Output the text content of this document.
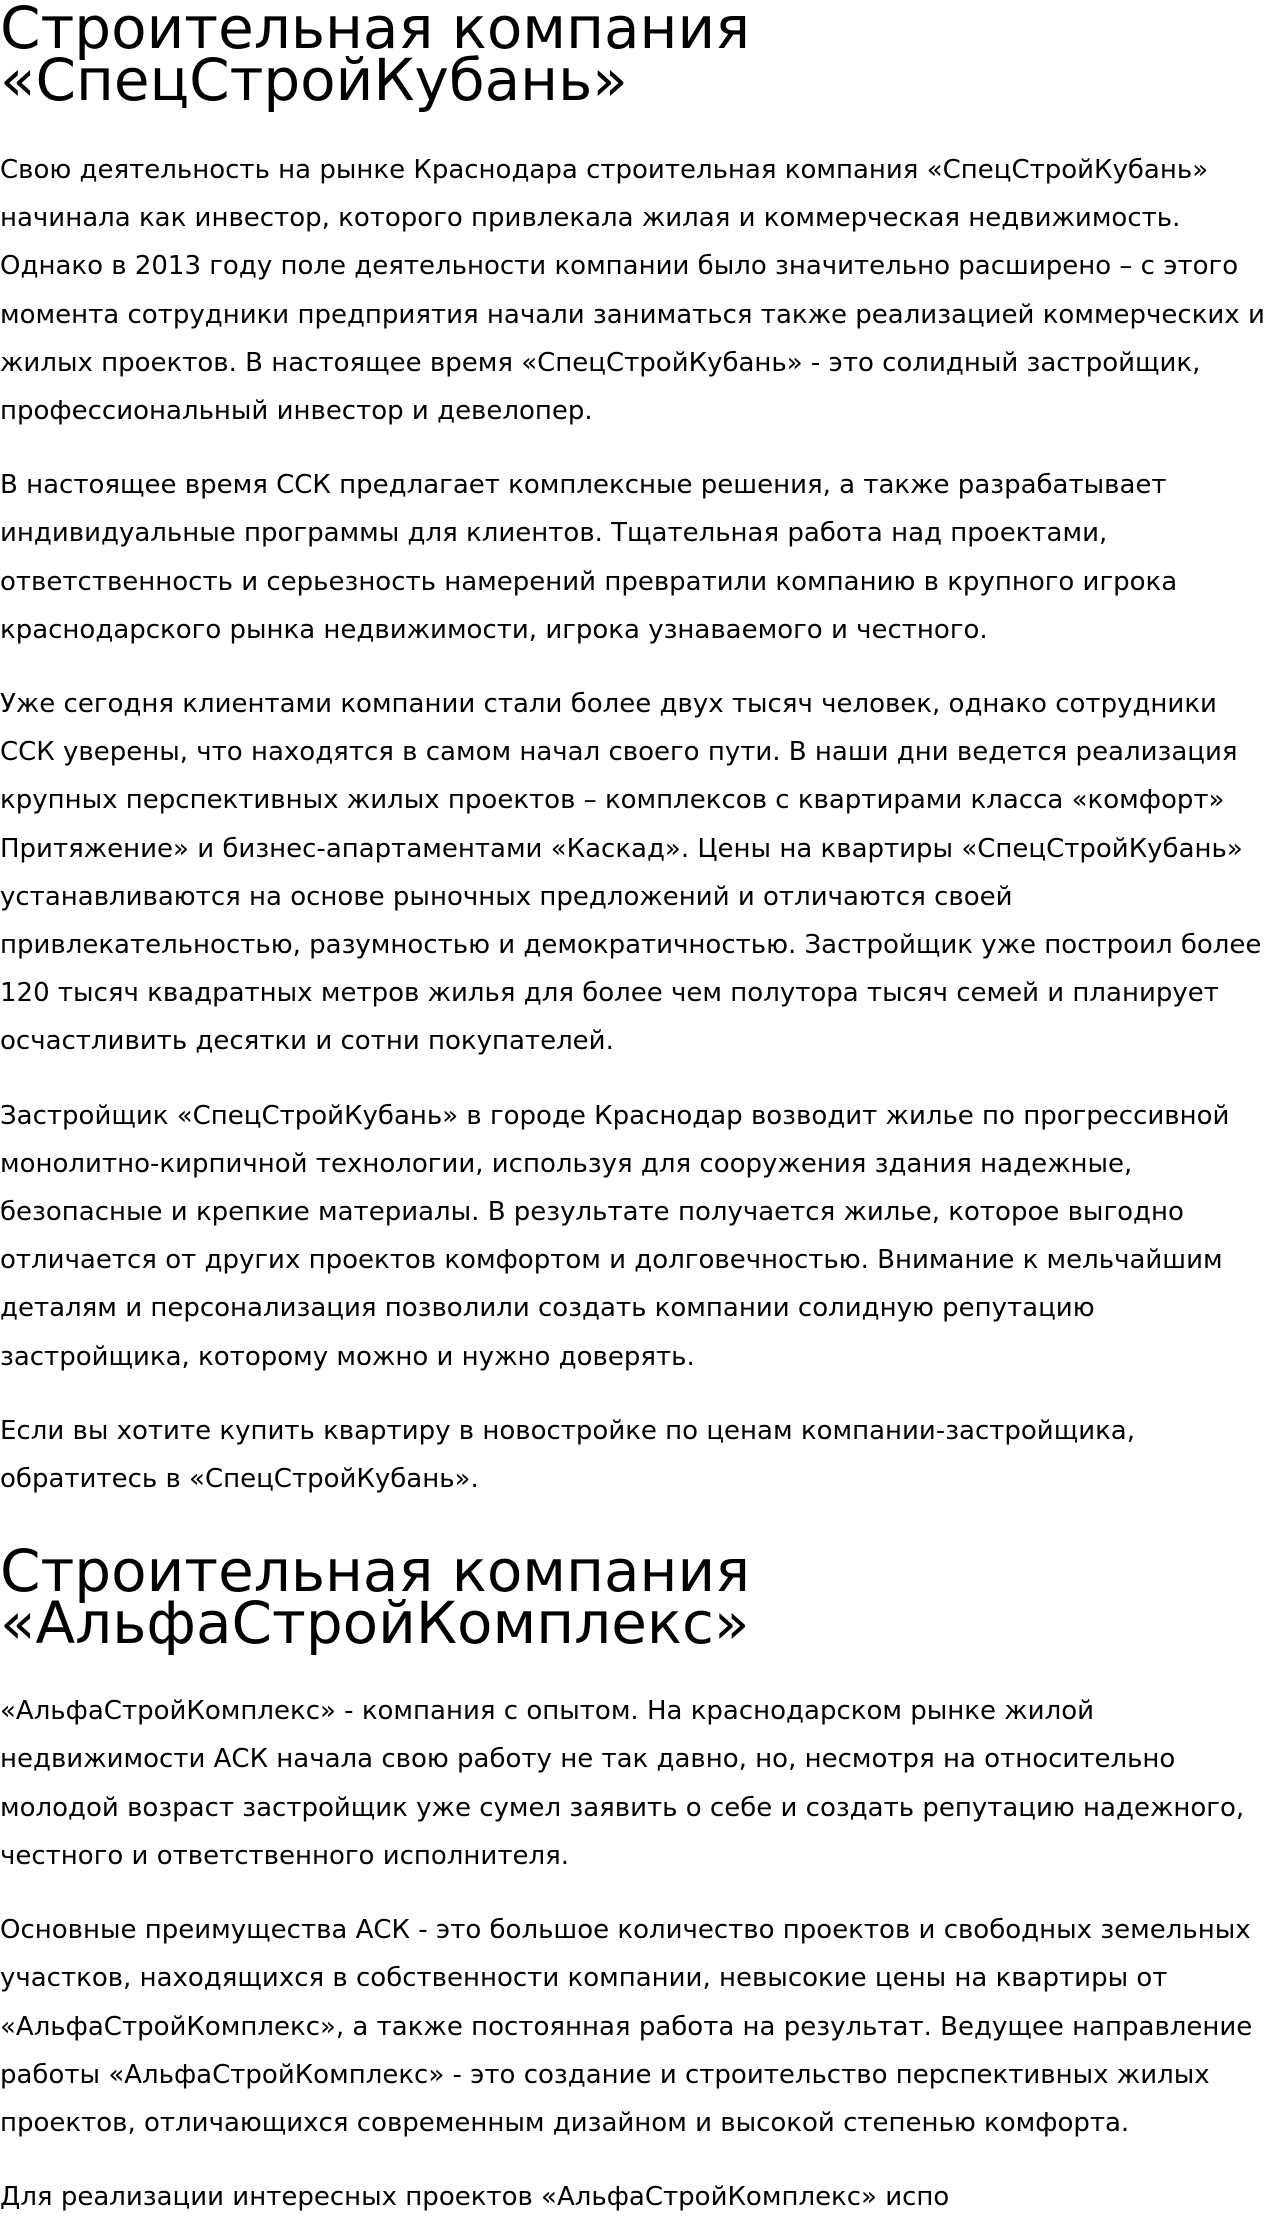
Строительная компания
«СпецСтройКубань»

Свою деятельность на рынке Краснодара строительная компания «СпецСтройКубань»
начинала как инвестор, которого привлекала жилая и коммерческая недвижимость.
Однако в 2013 году поле деятельности компании было значительно расширено – с этого
момента сотрудники предприятия начали заниматься также реализацией коммерческих и
жилых проектов. В настоящее время «СпецСтройКубань» - это солидный застройщик,
профессиональный инвестор и девелопер.

В настоящее время ССК предлагает комплексные решения, а также разрабатывает
индивидуальные программы для клиентов. Тщательная работа над проектами,
ответственность и серьезность намерений превратили компанию в крупного игрока
краснодарского рынка недвижимости, игрока узнаваемого и честного.

Уже сегодня клиентами компании стали более двух тысяч человек, однако сотрудники
ССК уверены, что находятся в самом начал своего пути. В наши дни ведется реализация
крупных перспективных жилых проектов – комплексов с квартирами класса «комфорт»
Притяжение» и бизнес-апартаментами «Каскад». Цены на квартиры «СпецСтройКубань»
устанавливаются на основе рыночных предложений и отличаются своей
привлекательностью, разумностью и демократичностью. Застройщик уже построил более
120 тысяч квадратных метров жилья для более чем полутора тысяч семей и планирует
осчастливить десятки и сотни покупателей.

Застройщик «СпецСтройКубань» в городе Краснодар возводит жилье по прогрессивной
монолитно-кирпичной технологии, используя для сооружения здания надежные,
безопасные и крепкие материалы. В результате получается жилье, которое выгодно
отличается от других проектов комфортом и долговечностью. Внимание к мельчайшим
деталям и персонализация позволили создать компании солидную репутацию
застройщика, которому можно и нужно доверять.

Если вы хотите купить квартиру в новостройке по ценам компании-застройщика,
обратитесь в «СпецСтройКубань».

Строительная компания
«АльфаСтройКомплекс»

«АльфаСтройКомплекс» - компания с опытом. На краснодарском рынке жилой
недвижимости АСК начала свою работу не так давно, но, несмотря на относительно
молодой возраст застройщик уже сумел заявить о себе и создать репутацию надежного,
честного и ответственного исполнителя.

Основные преимущества АСК - это большое количество проектов и свободных земельных
участков, находящихся в собственности компании, невысокие цены на квартиры от
«АльфаСтройКомплекс», а также постоянная работа на результат. Ведущее направление
работы «АльфаСтройКомплекс» - это создание и строительство перспективных жилых
проектов, отличающихся современным дизайном и высокой степенью комфорта.

Для реализации интересных проектов «АльфаСтройКомплекс» испо
